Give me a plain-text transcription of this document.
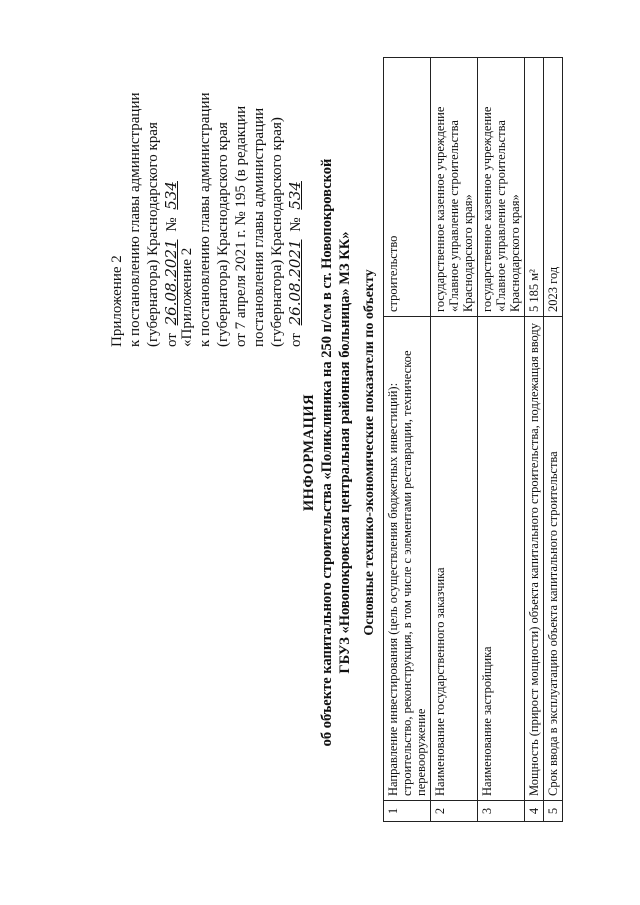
Приложение 2 к постановлению главы администрации (губернатора) Краснодарского края от 26.08.2021 № 534
«Приложение 2 к постановлению главы администрации (губернатора) Краснодарского края от 7 апреля 2021 г. № 195 (в редакции постановления главы администрации (губернатора) Краснодарского края) от 26.08.2021 № 534
ИНФОРМАЦИЯ об объекте капитального строительства «Поликлиника на 250 п/см в ст. Новопокровской ГБУЗ «Новопокровская центральная районная больница» МЗ КК» Основные технико-экономические показатели по объекту
1	Направление инвестирования (цель осуществления бюджетных инвестиций): строительство, реконструкция, в том числе с элементами реставрации, техническое перевооружение	строительство
2	Наименование государственного заказчика	государственное казенное учреждение «Главное управление строительства Краснодарского края»
3	Наименование застройщика	государственное казенное учреждение «Главное управление строительства Краснодарского края»
4	Мощность (прирост мощности) объекта капитального строительства, подлежащая вводу	5 185 м²
5	Срок ввода в эксплуатацию объекта капитального строительства	2023 год
